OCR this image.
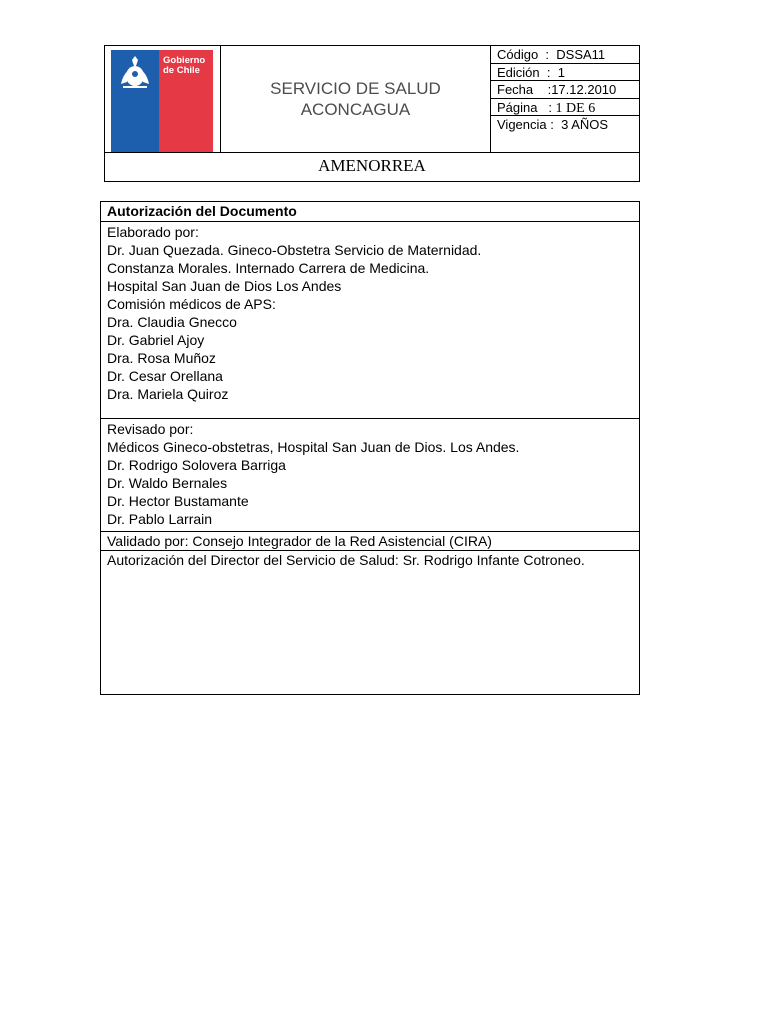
Gobierno
de Chile
SERVICIO DE SALUD
ACONCAGUA
Código  :  DSSA11
Edición  :  1
Fecha    :17.12.2010
Página   : 1 DE 6
Vigencia :  3 AÑOS
AMENORREA
Autorización del Documento
Elaborado por:
Dr. Juan Quezada. Gineco-Obstetra Servicio de Maternidad.
Constanza Morales. Internado Carrera de Medicina.
Hospital San Juan de Dios Los Andes
Comisión médicos de APS:
Dra. Claudia Gnecco
Dr. Gabriel Ajoy
Dra. Rosa Muñoz
Dr. Cesar Orellana
Dra. Mariela Quiroz
Revisado por:
Médicos Gineco-obstetras, Hospital San Juan de Dios. Los Andes.
Dr. Rodrigo Solovera Barriga
Dr. Waldo Bernales
Dr. Hector Bustamante
Dr. Pablo Larrain
Validado por: Consejo Integrador de la Red Asistencial (CIRA)
Autorización del Director del Servicio de Salud: Sr. Rodrigo Infante Cotroneo.
